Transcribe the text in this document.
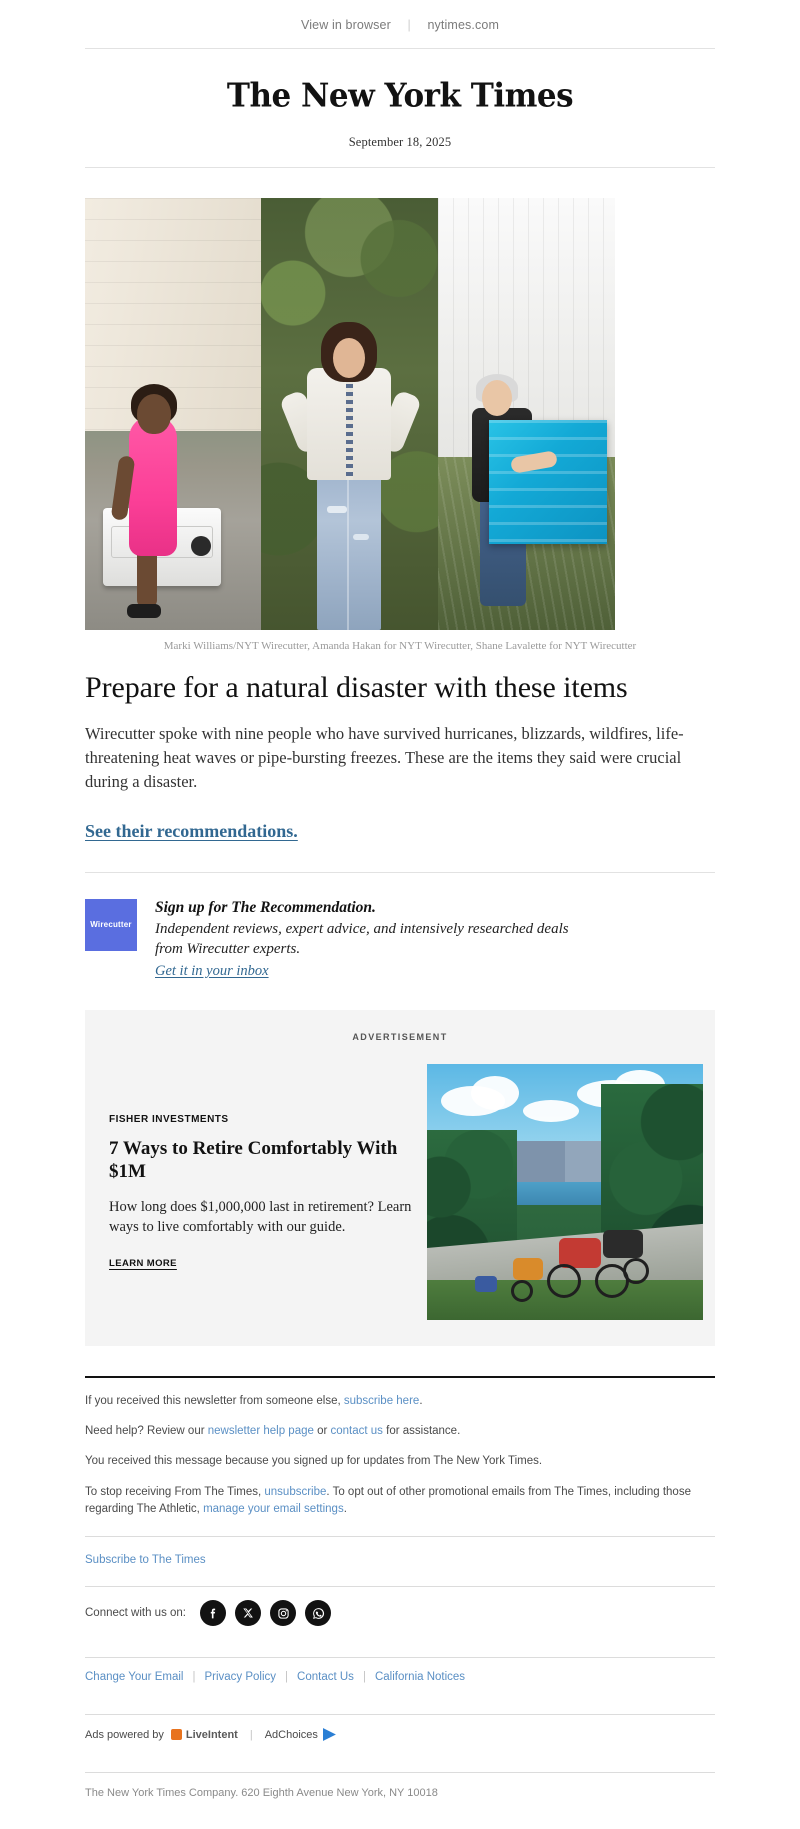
View in browser | nytimes.com
The New York Times
September 18, 2025
Marki Williams/NYT Wirecutter, Amanda Hakan for NYT Wirecutter, Shane Lavalette for NYT Wirecutter
Prepare for a natural disaster with these items

Wirecutter spoke with nine people who have survived hurricanes, blizzards, wildfires, life-threatening heat waves or pipe-bursting freezes. These are the items they said were crucial during a disaster.

See their recommendations.
Wirecutter
Sign up for The Recommendation.
Independent reviews, expert advice, and intensively researched deals from Wirecutter experts.
Get it in your inbox
ADVERTISEMENT
FISHER INVESTMENTS
7 Ways to Retire Comfortably With $1M
How long does $1,000,000 last in retirement? Learn ways to live comfortably with our guide.
LEARN MORE

If you received this newsletter from someone else, subscribe here.

Need help? Review our newsletter help page or contact us for assistance.

You received this message because you signed up for updates from The New York Times.

To stop receiving From The Times, unsubscribe. To opt out of other promotional emails from The Times, including those regarding The Athletic, manage your email settings.

Subscribe to The Times
Connect with us on:
Change Your Email | Privacy Policy | Contact Us | California Notices
Ads powered by LiveIntent | AdChoices
The New York Times Company. 620 Eighth Avenue New York, NY 10018
